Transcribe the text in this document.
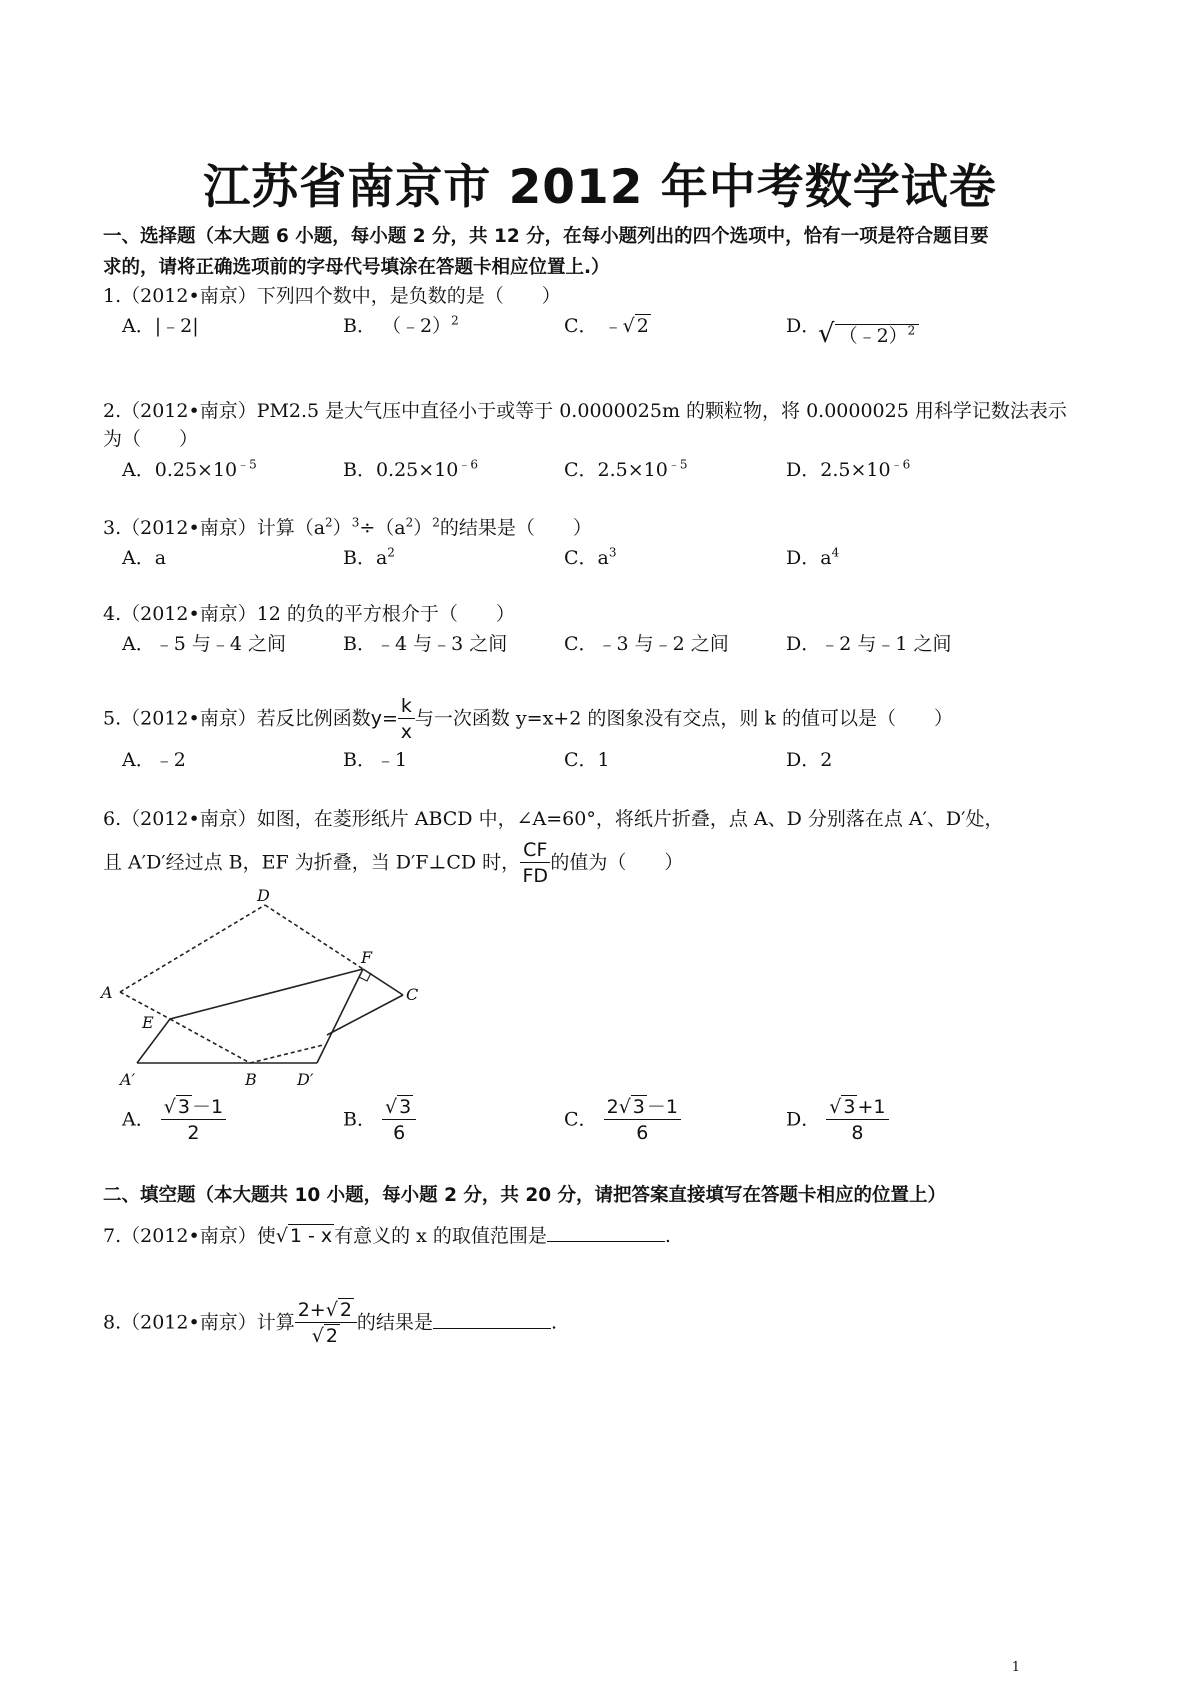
江苏省南京市 2012 年中考数学试卷
一、选择题（本大题 6 小题，每小题 2 分，共 12 分，在每小题列出的四个选项中，恰有一项是符合题目要
求的，请将正确选项前的字母代号填涂在答题卡相应位置上.）
1.（2012•南京）下列四个数中，是负数的是（　　）
A．|﹣2|	B． （﹣2）$^2$	C． ﹣√ 2	D．
√ （﹣2）$^2$
2.（2012•南京）PM2.5 是大气压中直径小于或等于 0.0000025m 的颗粒物，将 0.0000025 用科学记数法表示
为（　　）
A．$0.25\times 10^{﹣5}$	B．$0.25\times 10^{﹣6}$	C．$2.5\times 10^{﹣5}$	D．$2.5\times 10^{﹣6}$
3.（2012•南京）计算$(a^2)^3\div(a^2)^2$的结果是（　　）
A．a	B．$a^2$	C．$a^3$	D．$a^4$
4.（2012•南京）12 的负的平方根介于（　　）
A．﹣5 与﹣4 之间	B．﹣4 与﹣3 之间	C．﹣3 与﹣2 之间	D．﹣2 与﹣1 之间
5.（2012•南京）若反比例函数$y= \frac{k}{x}$ 与一次函数 y=x+2 的图象没有交点，则 k 的值可以是（　　）
A．﹣2	B．﹣1	C．1	D．2
6.（2012•南京）如图，在菱形纸片 ABCD 中，∠A=60°，将纸片折叠，点 A、D 分别落在点 A′、D′处，
且 A′D′经过点 B，EF 为折叠，当 D′F⊥CD 时， $\frac{CF}{FD}$ 的值为（　　）
D
F
A	C
E
A′	B	D′
A． $\frac{√ 3 -1}{2}$	B． $\frac{√ 3}{6}$	C． $\frac{2√ 3 -1}{6}$	D． $\frac{√ 3 +1}{8}$
二、填空题（本大题共 10 小题，每小题 2 分，共 20 分，请把答案直接填写在答题卡相应的位置上）
7.（2012•南京）使√ 1 - x 有意义的 x 的取值范围是	.
8.（2012•南京）计算 $\frac{2+√ 2}{√ 2}$ 的结果是	.
1
